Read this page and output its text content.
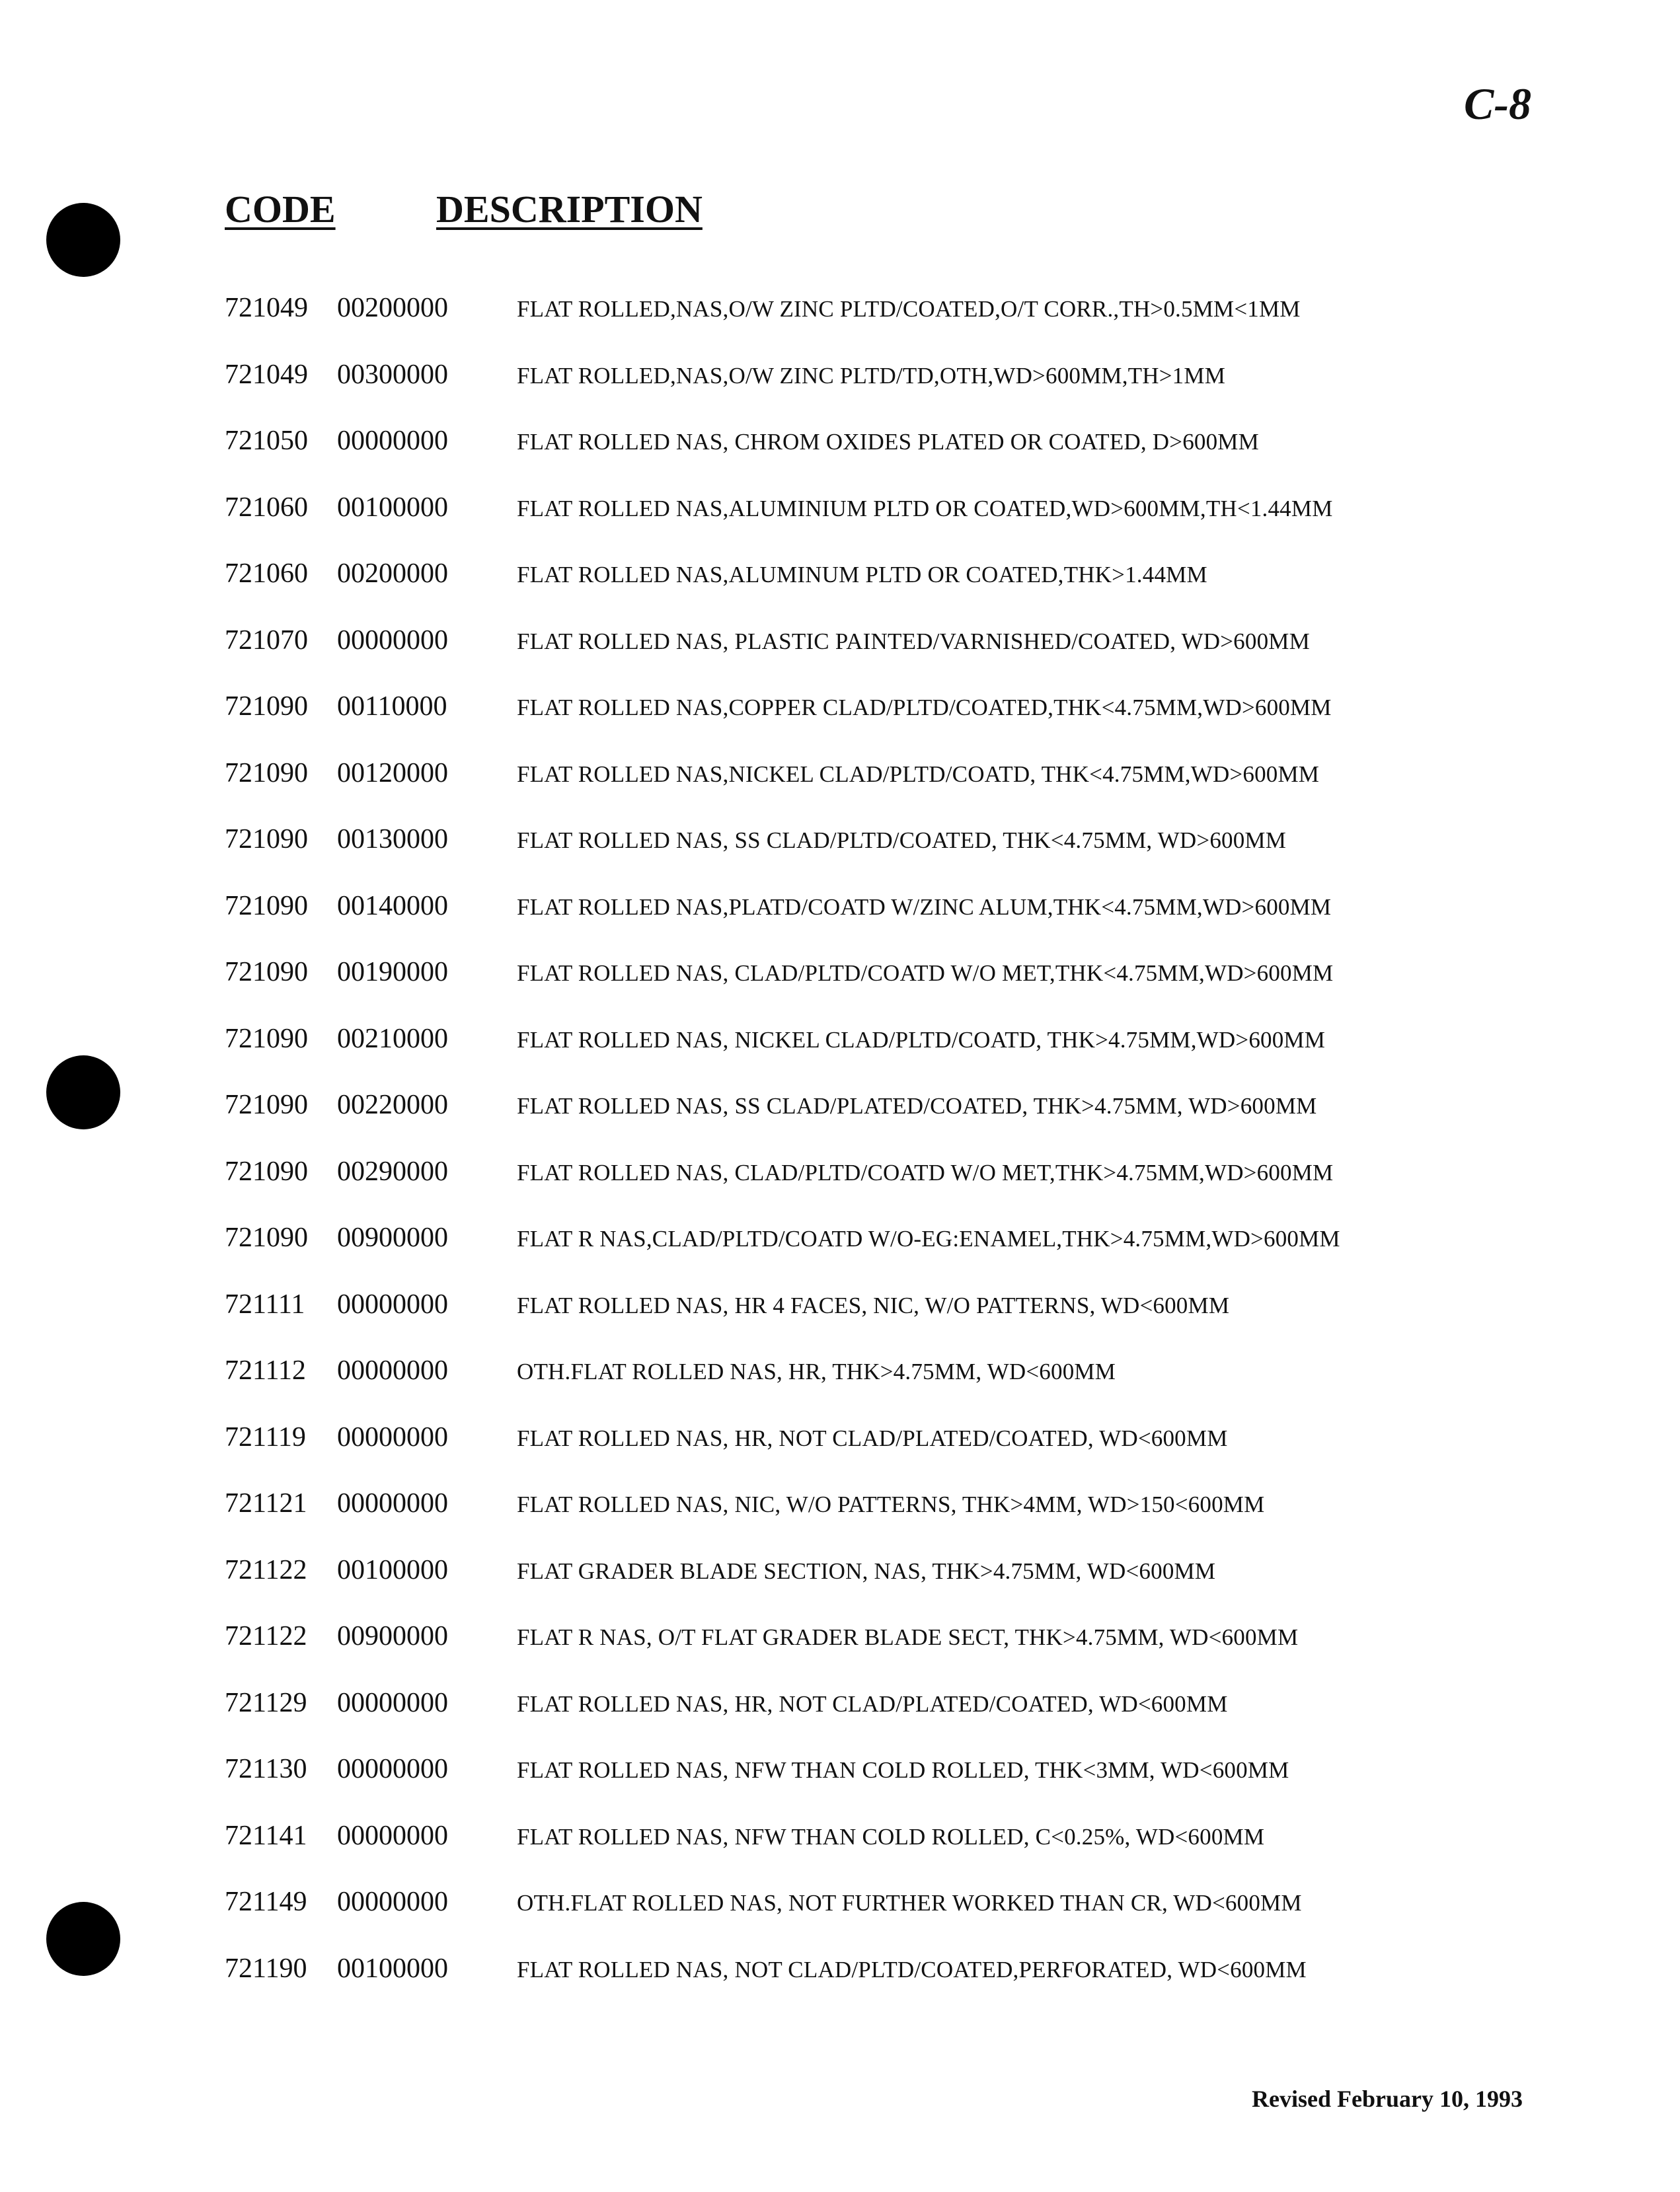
C-8
CODE	DESCRIPTION
721049 00200000	FLAT ROLLED,NAS,O/W ZINC PLTD/COATED,O/T CORR.,TH>0.5MM<1MM
721049 00300000	FLAT ROLLED,NAS,O/W ZINC PLTD/TD,OTH,WD>600MM,TH>1MM
721050 00000000	FLAT ROLLED NAS, CHROM OXIDES PLATED OR COATED, D>600MM
721060 00100000	FLAT ROLLED NAS,ALUMINIUM PLTD OR COATED,WD>600MM,TH<1.44MM
721060 00200000	FLAT ROLLED NAS,ALUMINUM PLTD OR COATED,THK>1.44MM
721070 00000000	FLAT ROLLED NAS, PLASTIC PAINTED/VARNISHED/COATED, WD>600MM
721090 00110000	FLAT ROLLED NAS,COPPER CLAD/PLTD/COATED,THK<4.75MM,WD>600MM
721090 00120000	FLAT ROLLED NAS,NICKEL CLAD/PLTD/COATD, THK<4.75MM,WD>600MM
721090 00130000	FLAT ROLLED NAS, SS CLAD/PLTD/COATED, THK<4.75MM, WD>600MM
721090 00140000	FLAT ROLLED NAS,PLATD/COATD W/ZINC ALUM,THK<4.75MM,WD>600MM
721090 00190000	FLAT ROLLED NAS, CLAD/PLTD/COATD W/O MET,THK<4.75MM,WD>600MM
721090 00210000	FLAT ROLLED NAS, NICKEL CLAD/PLTD/COATD, THK>4.75MM,WD>600MM
721090 00220000	FLAT ROLLED NAS, SS CLAD/PLATED/COATED, THK>4.75MM, WD>600MM
721090 00290000	FLAT ROLLED NAS, CLAD/PLTD/COATD W/O MET,THK>4.75MM,WD>600MM
721090 00900000	FLAT R NAS,CLAD/PLTD/COATD W/O-EG:ENAMEL,THK>4.75MM,WD>600MM
721111 00000000	FLAT ROLLED NAS, HR 4 FACES, NIC, W/O PATTERNS, WD<600MM
721112 00000000	OTH.FLAT ROLLED NAS, HR, THK>4.75MM, WD<600MM
721119 00000000	FLAT ROLLED NAS, HR, NOT CLAD/PLATED/COATED, WD<600MM
721121 00000000	FLAT ROLLED NAS, NIC, W/O PATTERNS, THK>4MM, WD>150<600MM
721122 00100000	FLAT GRADER BLADE SECTION, NAS, THK>4.75MM, WD<600MM
721122 00900000	FLAT R NAS, O/T FLAT GRADER BLADE SECT, THK>4.75MM, WD<600MM
721129 00000000	FLAT ROLLED NAS, HR, NOT CLAD/PLATED/COATED, WD<600MM
721130 00000000	FLAT ROLLED NAS, NFW THAN COLD ROLLED, THK<3MM, WD<600MM
721141 00000000	FLAT ROLLED NAS, NFW THAN COLD ROLLED, C<0.25%, WD<600MM
721149 00000000	OTH.FLAT ROLLED NAS, NOT FURTHER WORKED THAN CR, WD<600MM
721190 00100000	FLAT ROLLED NAS, NOT CLAD/PLTD/COATED,PERFORATED, WD<600MM
Revised February 10, 1993
